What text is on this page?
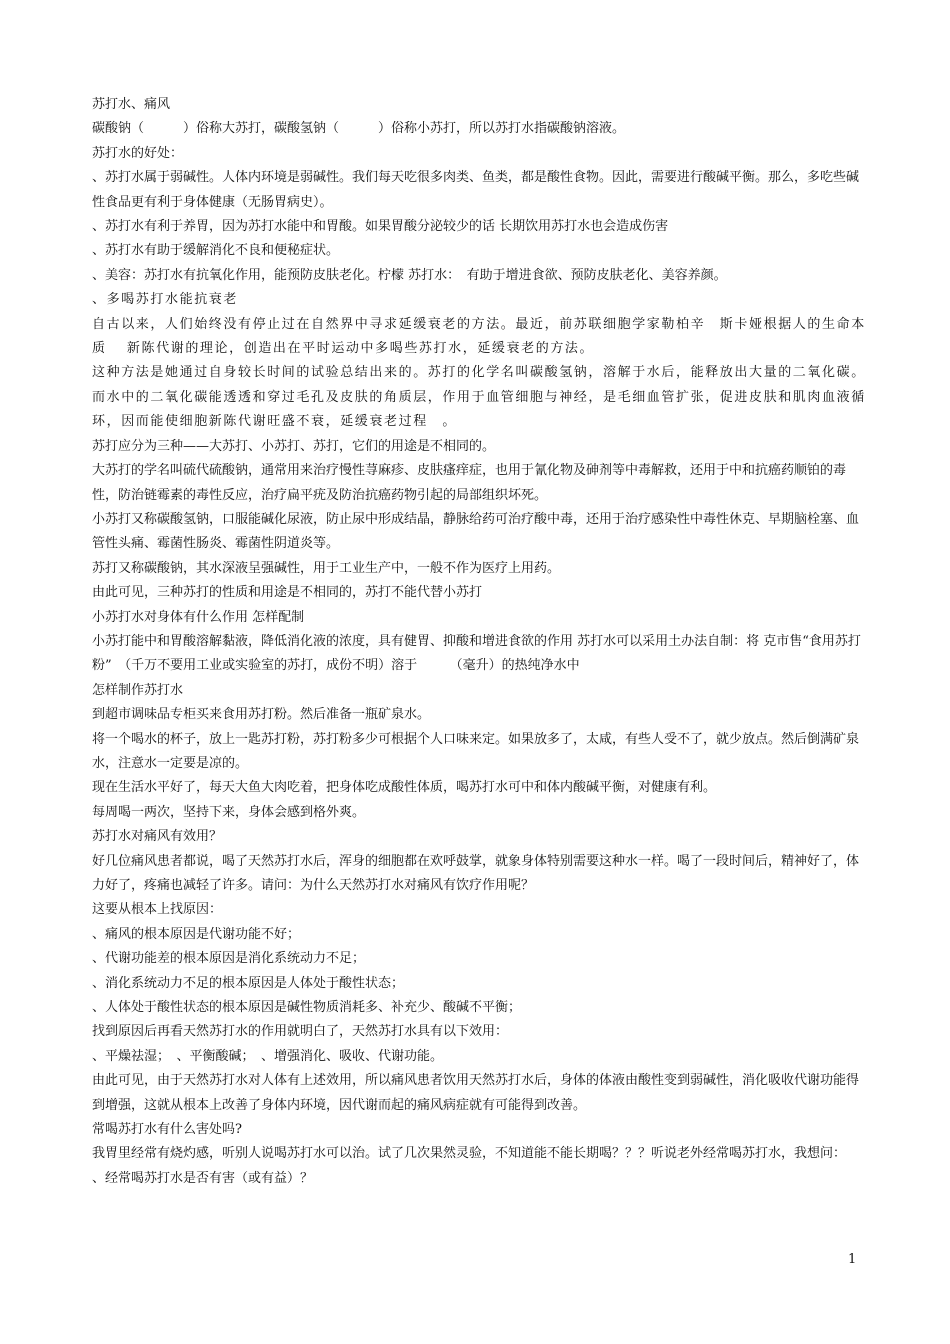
苏打水、痛风

碳酸钠（　　　）俗称大苏打，碳酸氢钠（　　　）俗称小苏打，所以苏打水指碳酸钠溶液。

苏打水的好处：

、苏打水属于弱碱性。人体内环境是弱碱性。我们每天吃很多肉类、鱼类，都是酸性食物。因此，需要进行酸碱平衡。那么，多吃些碱性食品更有利于身体健康（无肠胃病史）。

、苏打水有利于养胃，因为苏打水能中和胃酸。如果胃酸分泌较少的话 长期饮用苏打水也会造成伤害

、苏打水有助于缓解消化不良和便秘症状。

、美容：苏打水有抗氧化作用，能预防皮肤老化。柠檬 苏打水：　有助于增进食欲、预防皮肤老化、美容养颜。

、多喝苏打水能抗衰老

自古以来，人们始终没有停止过在自然界中寻求延缓衰老的方法。最近，前苏联细胞学家勒柏辛　斯卡娅根据人的生命本质　 新陈代谢的理论，创造出在平时运动中多喝些苏打水，延缓衰老的方法。

这种方法是她通过自身较长时间的试验总结出来的。苏打的化学名叫碳酸氢钠，溶解于水后，能释放出大量的二氧化碳。而水中的二氧化碳能透透和穿过毛孔及皮肤的角质层，作用于血管细胞与神经，是毛细血管扩张，促进皮肤和肌肉血液循环，因而能使细胞新陈代谢旺盛不衰，延缓衰老过程　。

苏打应分为三种——大苏打、小苏打、苏打，它们的用途是不相同的。

大苏打的学名叫硫代硫酸钠，通常用来治疗慢性荨麻疹、皮肤瘙痒症，也用于氰化物及砷剂等中毒解救，还用于中和抗癌药顺铂的毒性，防治链霉素的毒性反应，治疗扁平疣及防治抗癌药物引起的局部组织坏死。

小苏打又称碳酸氢钠，口服能碱化尿液，防止尿中形成结晶，静脉给药可治疗酸中毒，还用于治疗感染性中毒性休克、早期脑栓塞、血管性头痛、霉菌性肠炎、霉菌性阴道炎等。

苏打又称碳酸钠，其水深液呈强碱性，用于工业生产中，一般不作为医疗上用药。

由此可见，三种苏打的性质和用途是不相同的，苏打不能代替小苏打

小苏打水对身体有什么作用 怎样配制

小苏打能中和胃酸溶解黏液，降低消化液的浓度，具有健胃、抑酸和增进食欲的作用 苏打水可以采用土办法自制：将 克市售“食用苏打粉”　（千万不要用工业或实验室的苏打，成份不明）溶于　　　（毫升）的热纯净水中

怎样制作苏打水

到超市调味品专柜买来食用苏打粉。然后准备一瓶矿泉水。

将一个喝水的杯子，放上一匙苏打粉，苏打粉多少可根据个人口味来定。如果放多了，太咸，有些人受不了，就少放点。然后倒满矿泉水，注意水一定要是凉的。

现在生活水平好了，每天大鱼大肉吃着，把身体吃成酸性体质，喝苏打水可中和体内酸碱平衡，对健康有利。

每周喝一两次，坚持下来，身体会感到格外爽。

苏打水对痛风有效用？

好几位痛风患者都说，喝了天然苏打水后，浑身的细胞都在欢呼鼓掌，就象身体特别需要这种水一样。喝了一段时间后，精神好了，体力好了，疼痛也减轻了许多。请问：为什么天然苏打水对痛风有饮疗作用呢？

这要从根本上找原因：

、痛风的根本原因是代谢功能不好；

、代谢功能差的根本原因是消化系统动力不足；

、消化系统动力不足的根本原因是人体处于酸性状态；

、人体处于酸性状态的根本原因是碱性物质消耗多、补充少、酸碱不平衡；

找到原因后再看天然苏打水的作用就明白了，天然苏打水具有以下效用：

、平燥祛湿；　、平衡酸碱；　、增强消化、吸收、代谢功能。

由此可见，由于天然苏打水对人体有上述效用，所以痛风患者饮用天然苏打水后，身体的体液由酸性变到弱碱性，消化吸收代谢功能得到增强，这就从根本上改善了身体内环境，因代谢而起的痛风病症就有可能得到改善。

常喝苏打水有什么害处吗?

我胃里经常有烧灼感，听别人说喝苏打水可以治。试了几次果然灵验，不知道能不能长期喝？？？听说老外经常喝苏打水，我想问：

、经常喝苏打水是否有害（或有益）？

1
